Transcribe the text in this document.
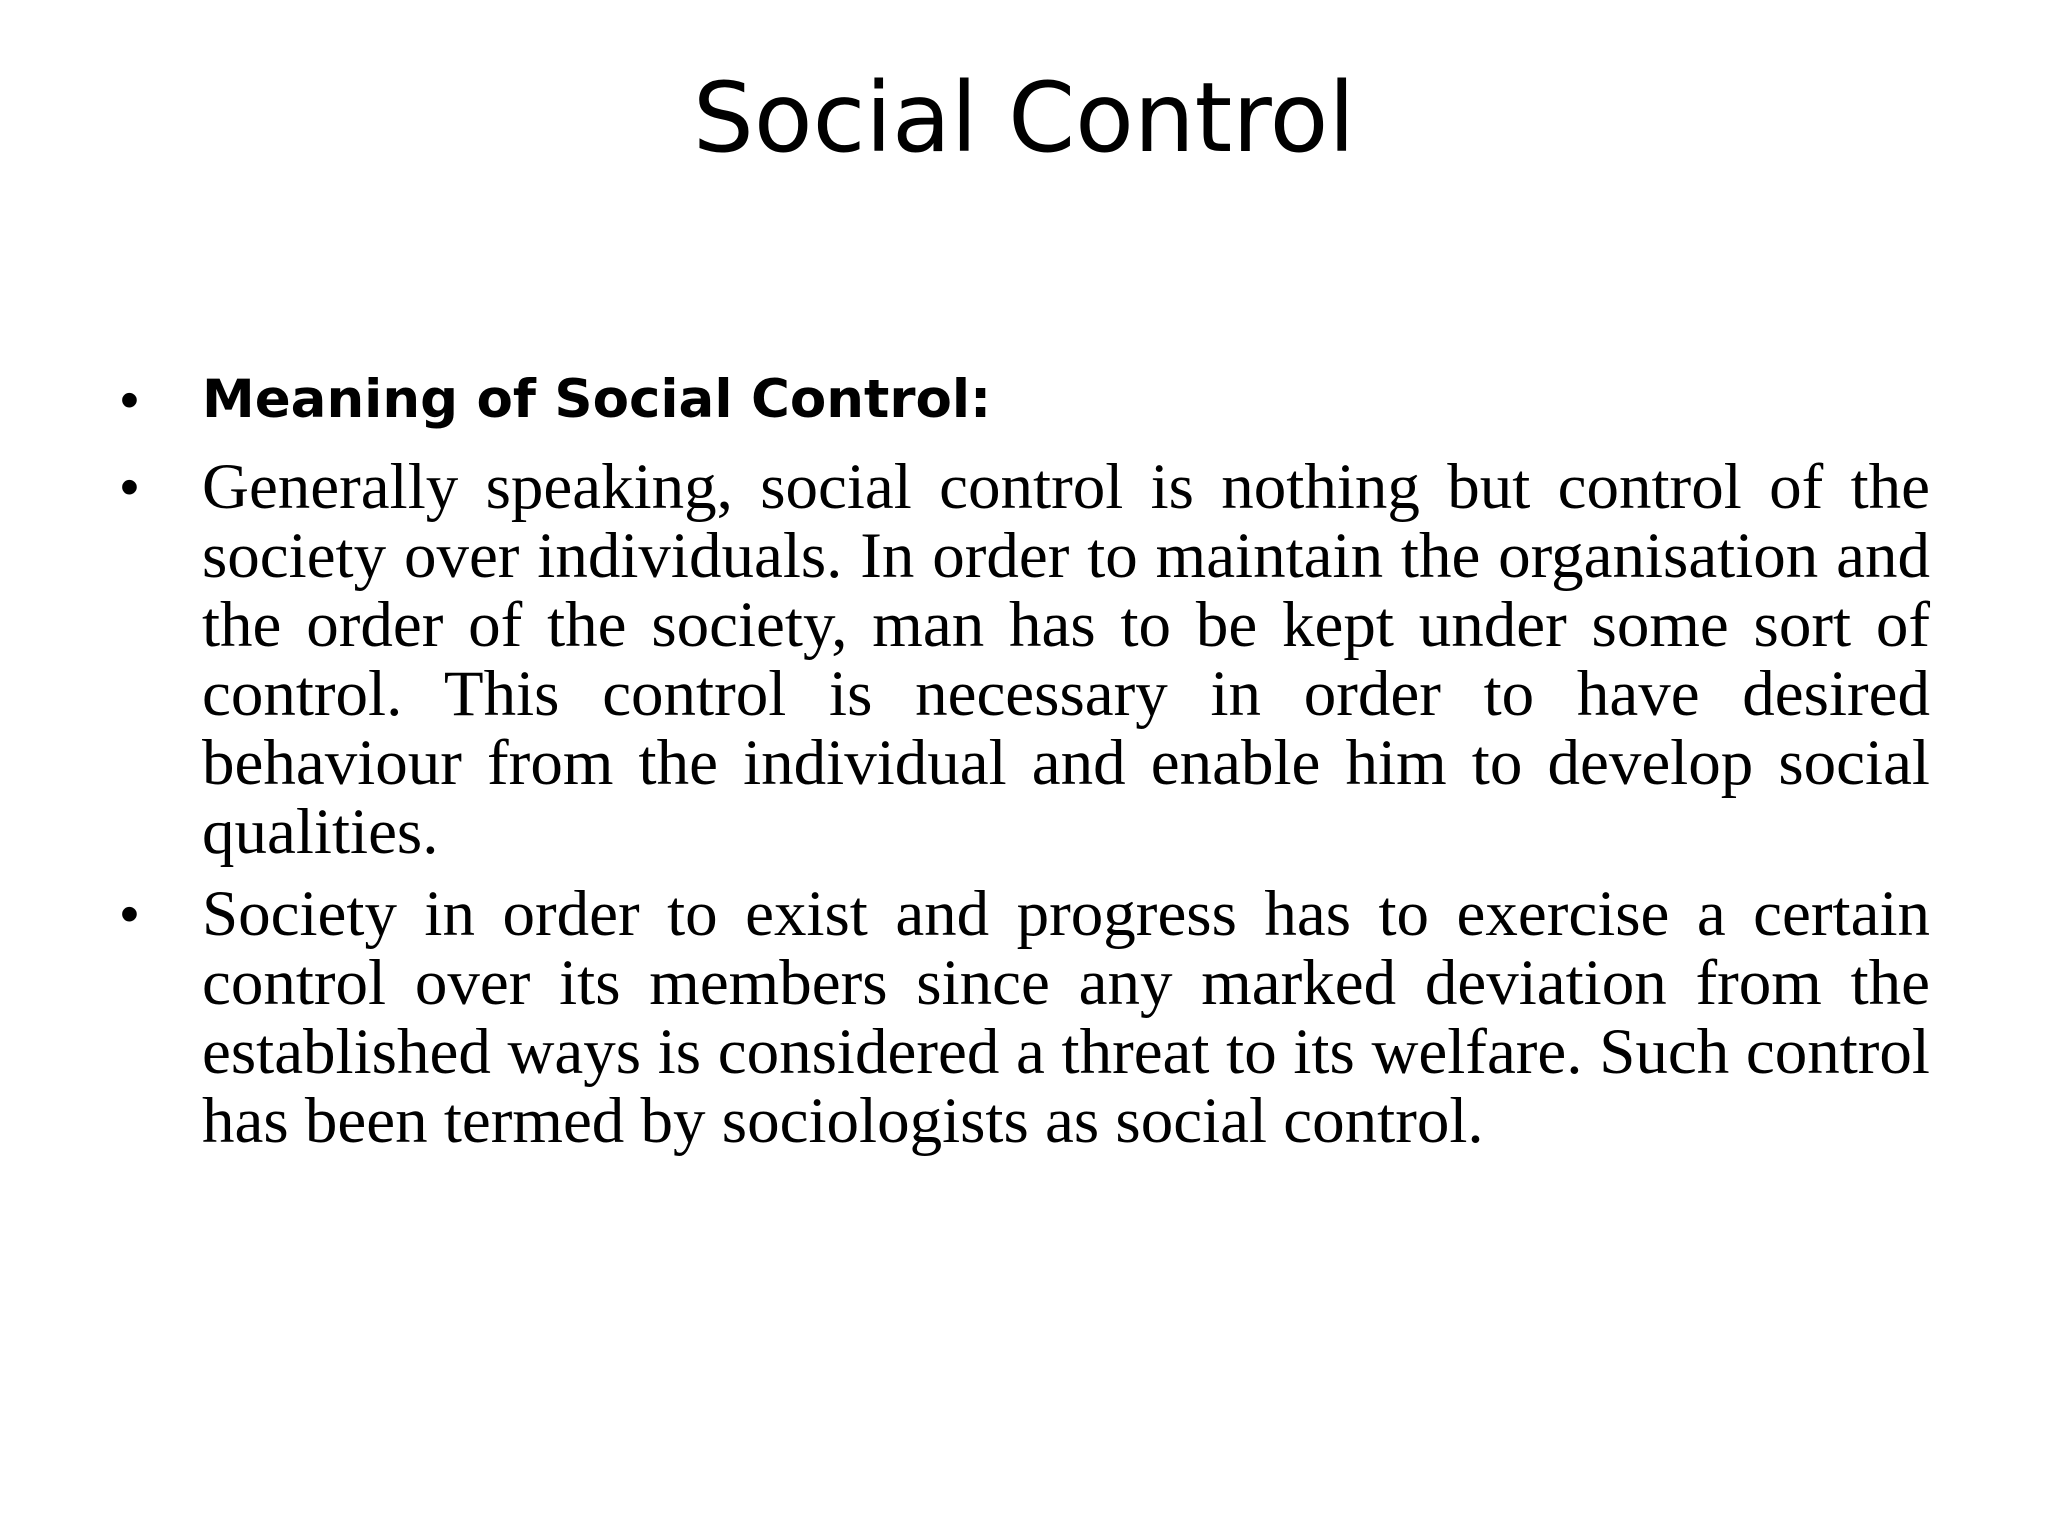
Social Control
• Meaning of Social Control:
• Generally speaking, social control is nothing but control of the society over individuals. In order to maintain the organisation and the order of the society, man has to be kept under some sort of control. This control is necessary in order to have desired behaviour from the individual and enable him to develop social qualities.
• Society in order to exist and progress has to exercise a certain control over its members since any marked deviation from the established ways is considered a threat to its welfare. Such control has been termed by sociologists as social control.
